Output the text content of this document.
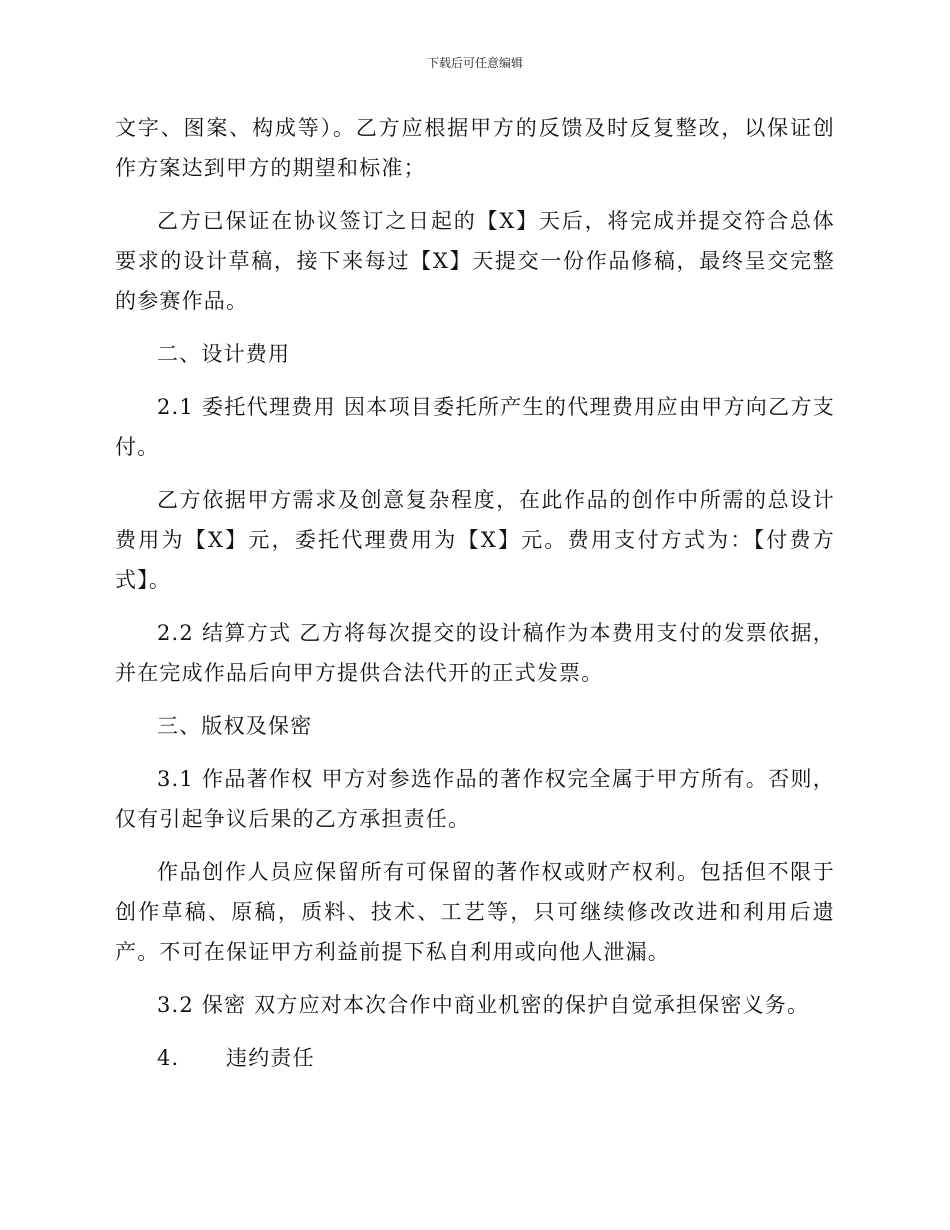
下载后可任意编辑

文字、图案、构成等）。乙方应根据甲方的反馈及时反复整改，以保证创作方案达到甲方的期望和标准；

乙方已保证在协议签订之日起的【X】天后，将完成并提交符合总体要求的设计草稿，接下来每过【X】天提交一份作品修稿，最终呈交完整的参赛作品。

二、设计费用

2.1 委托代理费用 因本项目委托所产生的代理费用应由甲方向乙方支付。

乙方依据甲方需求及创意复杂程度，在此作品的创作中所需的总设计费用为【X】元，委托代理费用为【X】元。费用支付方式为：【付费方式】。

2.2 结算方式 乙方将每次提交的设计稿作为本费用支付的发票依据，并在完成作品后向甲方提供合法代开的正式发票。

三、版权及保密

3.1 作品著作权 甲方对参选作品的著作权完全属于甲方所有。否则，仅有引起争议后果的乙方承担责任。

作品创作人员应保留所有可保留的著作权或财产权利。包括但不限于创作草稿、原稿，质料、技术、工艺等，只可继续修改改进和利用后遗产。不可在保证甲方利益前提下私自利用或向他人泄漏。

3.2 保密 双方应对本次合作中商业机密的保护自觉承担保密义务。

4.	违约责任
